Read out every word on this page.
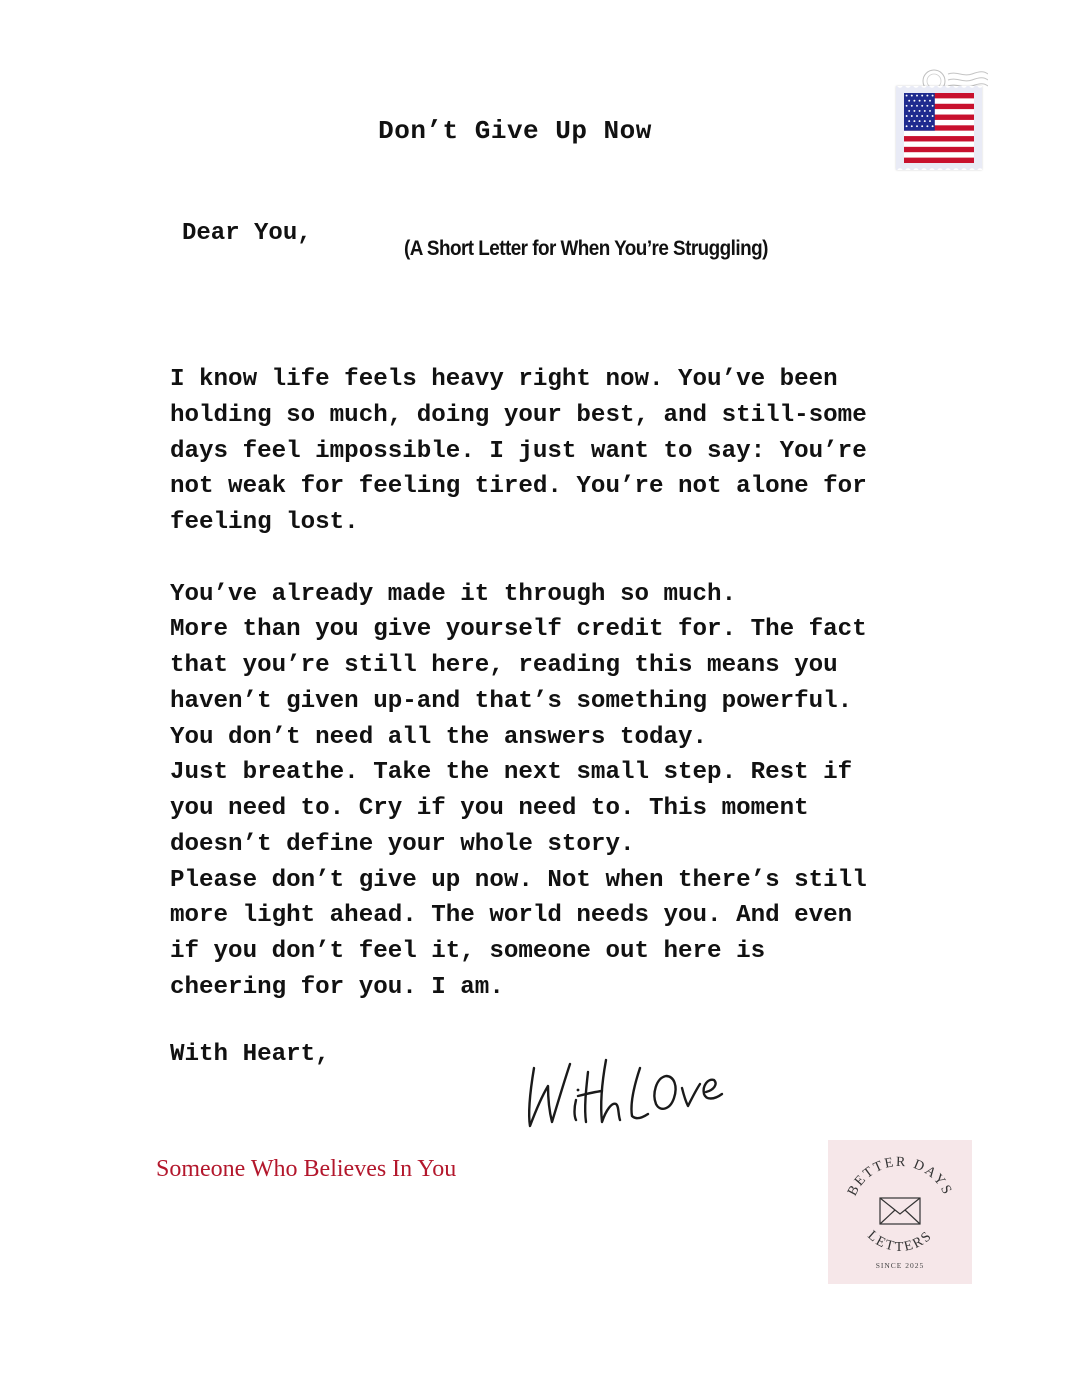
Don’t Give Up Now
Dear You,
(A Short Letter for When You’re Struggling)

I know life feels heavy right now. You’ve been

holding so much, doing your best, and still-some

days feel impossible. I just want to say: You’re

not weak for feeling tired. You’re not alone for

feeling lost.

You’ve already made it through so much.

More than you give yourself credit for. The fact

that you’re still here, reading this means you

haven’t given up-and that’s something powerful.

You don’t need all the answers today.

Just breathe. Take the next small step. Rest if

you need to. Cry if you need to. This moment

doesn’t define your whole story.

Please don’t give up now. Not when there’s still

more light ahead. The world needs you. And even

if you don’t feel it, someone out here is

cheering for you. I am.

With Heart,
Someone Who Believes In You
BETTER DAYS
LETTERS
SINCE 2025
